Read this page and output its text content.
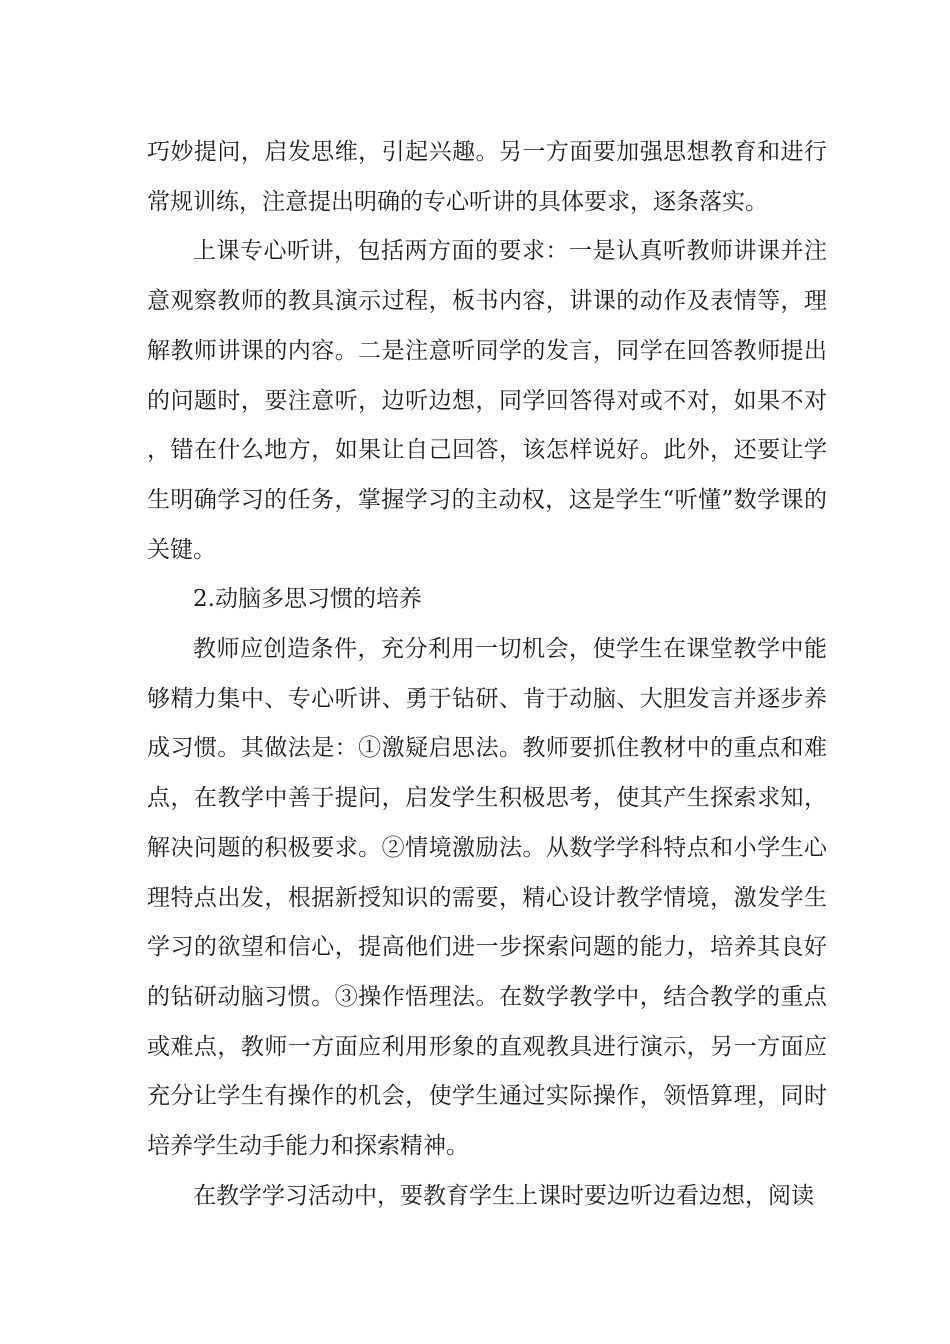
巧妙提问，启发思维，引起兴趣。另一方面要加强思想教育和进行常规训练，注意提出明确的专心听讲的具体要求，逐条落实。

上课专心听讲，包括两方面的要求：一是认真听教师讲课并注意观察教师的教具演示过程，板书内容，讲课的动作及表情等，理解教师讲课的内容。二是注意听同学的发言，同学在回答教师提出的问题时，要注意听，边听边想，同学回答得对或不对，如果不对，错在什么地方，如果让自己回答，该怎样说好。此外，还要让学生明确学习的任务，掌握学习的主动权，这是学生“听懂”数学课的关键。

2.动脑多思习惯的培养

教师应创造条件，充分利用一切机会，使学生在课堂教学中能够精力集中、专心听讲、勇于钻研、肯于动脑、大胆发言并逐步养成习惯。其做法是：①激疑启思法。教师要抓住教材中的重点和难点，在教学中善于提问，启发学生积极思考，使其产生探索求知，解决问题的积极要求。②情境激励法。从数学学科特点和小学生心理特点出发，根据新授知识的需要，精心设计教学情境，激发学生学习的欲望和信心，提高他们进一步探索问题的能力，培养其良好的钻研动脑习惯。③操作悟理法。在数学教学中，结合教学的重点或难点，教师一方面应利用形象的直观教具进行演示，另一方面应充分让学生有操作的机会，使学生通过实际操作，领悟算理，同时培养学生动手能力和探索精神。

在教学学习活动中，要教育学生上课时要边听边看边想，阅读
